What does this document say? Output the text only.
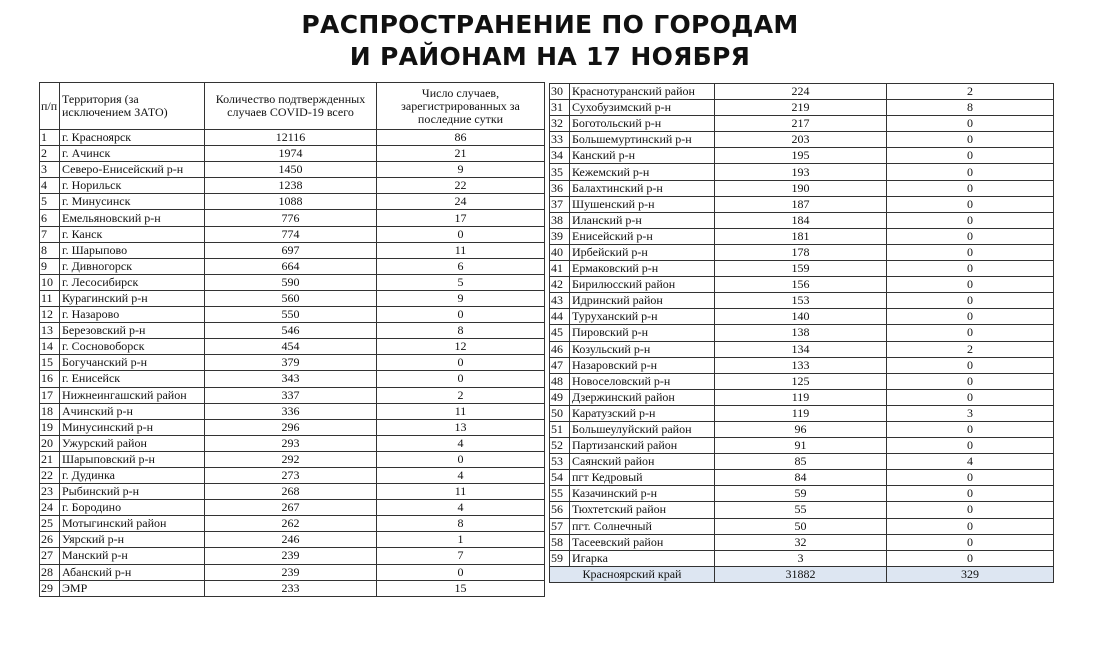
РАСПРОСТРАНЕНИЕ ПО ГОРОДАМ
И РАЙОНАМ НА 17 НОЯБРЯ
п/п	Территория (за исключением ЗАТО)	Количество подтвержденных случаев COVID-19 всего	Число случаев, зарегистрированных за последние сутки
1	г. Красноярск	12116	86
2	г. Ачинск	1974	21
3	Северо-Енисейский р-н	1450	9
4	г. Норильск	1238	22
5	г. Минусинск	1088	24
6	Емельяновский р-н	776	17
7	г. Канск	774	0
8	г. Шарыпово	697	11
9	г. Дивногорск	664	6
10	г. Лесосибирск	590	5
11	Курагинский р-н	560	9
12	г. Назарово	550	0
13	Березовский р-н	546	8
14	г. Сосновоборск	454	12
15	Богучанский р-н	379	0
16	г. Енисейск	343	0
17	Нижнеингашский район	337	2
18	Ачинский р-н	336	11
19	Минусинский р-н	296	13
20	Ужурский район	293	4
21	Шарыповский р-н	292	0
22	г. Дудинка	273	4
23	Рыбинский р-н	268	11
24	г. Бородино	267	4
25	Мотыгинский район	262	8
26	Уярский р-н	246	1
27	Манский р-н	239	7
28	Абанский р-н	239	0
29	ЭМР	233	15
30	Краснотуранский район	224	2
31	Сухобузимский р-н	219	8
32	Боготольский р-н	217	0
33	Большемуртинский р-н	203	0
34	Канский р-н	195	0
35	Кежемский р-н	193	0
36	Балахтинский р-н	190	0
37	Шушенский р-н	187	0
38	Иланский р-н	184	0
39	Енисейский р-н	181	0
40	Ирбейский р-н	178	0
41	Ермаковский р-н	159	0
42	Бирилюсский район	156	0
43	Идринский район	153	0
44	Туруханский р-н	140	0
45	Пировский р-н	138	0
46	Козульский р-н	134	2
47	Назаровский р-н	133	0
48	Новоселовский р-н	125	0
49	Дзержинский район	119	0
50	Каратузский р-н	119	3
51	Большеулуйский район	96	0
52	Партизанский район	91	0
53	Саянский район	85	4
54	пгт Кедровый	84	0
55	Казачинский р-н	59	0
56	Тюхтетский район	55	0
57	пгт. Солнечный	50	0
58	Тасеевский район	32	0
59	Игарка	3	0
Красноярский край		31882	329
